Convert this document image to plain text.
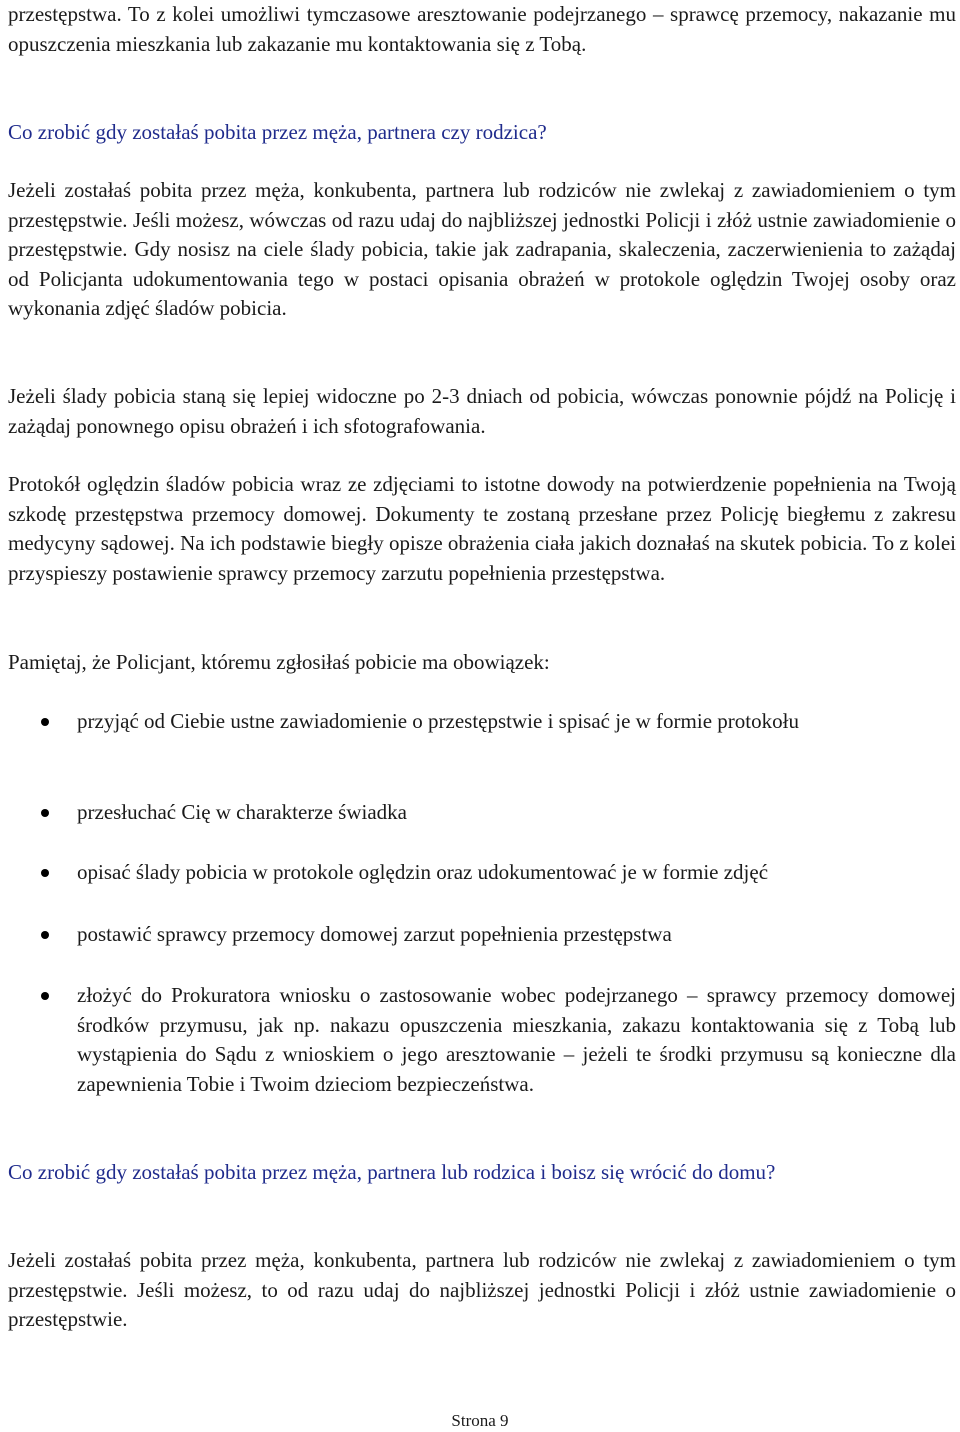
przestępstwa. To z kolei umożliwi tymczasowe aresztowanie podejrzanego – sprawcę przemocy, nakazanie mu opuszczenia mieszkania lub zakazanie mu kontaktowania się z Tobą.

Co zrobić gdy zostałaś pobita przez męża, partnera czy rodzica?

Jeżeli zostałaś pobita przez męża, konkubenta, partnera lub rodziców nie zwlekaj z zawiadomieniem o tym przestępstwie. Jeśli możesz, wówczas od razu udaj do najbliższej jednostki Policji i złóż ustnie zawiadomienie o przestępstwie. Gdy nosisz na ciele ślady pobicia, takie jak zadrapania, skaleczenia, zaczerwienienia to zażądaj od Policjanta udokumentowania tego w postaci opisania obrażeń w protokole oględzin Twojej osoby oraz wykonania zdjęć śladów pobicia.

Jeżeli ślady pobicia staną się lepiej widoczne po 2-3 dniach od pobicia, wówczas ponownie pójdź na Policję i zażądaj ponownego opisu obrażeń i ich sfotografowania.

Protokół oględzin śladów pobicia wraz ze zdjęciami to istotne dowody na potwierdzenie popełnienia na Twoją szkodę przestępstwa przemocy domowej. Dokumenty te zostaną przesłane przez Policję biegłemu z zakresu medycyny sądowej. Na ich podstawie biegły opisze obrażenia ciała jakich doznałaś na skutek pobicia. To z kolei przyspieszy postawienie sprawcy przemocy zarzutu popełnienia przestępstwa.

Pamiętaj, że Policjant, któremu zgłosiłaś pobicie ma obowiązek:

przyjąć od Ciebie ustne zawiadomienie o przestępstwie i spisać je w formie protokołu
przesłuchać Cię w charakterze świadka
opisać ślady pobicia w protokole oględzin oraz udokumentować je w formie zdjęć
postawić sprawcy przemocy domowej zarzut popełnienia przestępstwa
złożyć do Prokuratora wniosku o zastosowanie wobec podejrzanego – sprawcy przemocy domowej środków przymusu, jak np. nakazu opuszczenia mieszkania, zakazu kontaktowania się z Tobą lub wystąpienia do Sądu z wnioskiem o jego aresztowanie – jeżeli te środki przymusu są konieczne dla zapewnienia Tobie i Twoim dzieciom bezpieczeństwa.

Co zrobić gdy zostałaś pobita przez męża, partnera lub rodzica i boisz się wrócić do domu?

Jeżeli zostałaś pobita przez męża, konkubenta, partnera lub rodziców nie zwlekaj z zawiadomieniem o tym przestępstwie. Jeśli możesz, to od razu udaj do najbliższej jednostki Policji i złóż ustnie zawiadomienie o przestępstwie.

Strona 9
